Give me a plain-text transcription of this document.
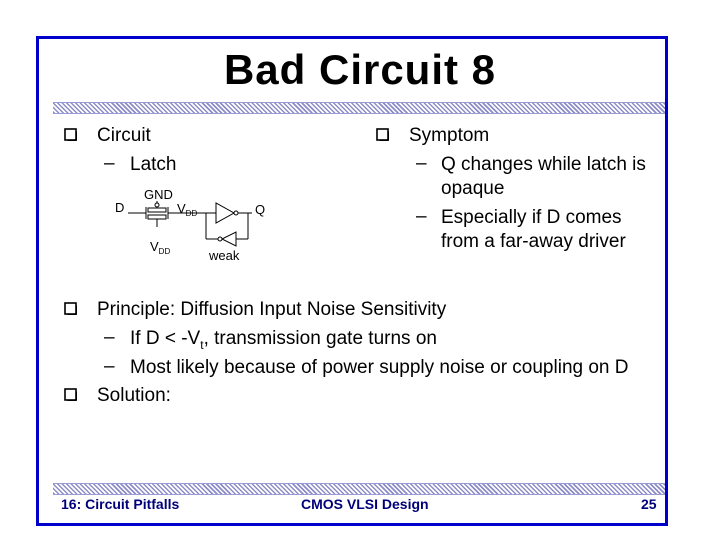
Bad Circuit 8
Circuit
– Latch
D
GND
$V_{DD}$
$V_{DD}$
Q
weak
Symptom
– Q changes while latch is
opaque
– Especially if D comes
from a far-away driver
Principle: Diffusion Input Noise Sensitivity
– If $D < -V_t$, transmission gate turns on
– Most likely because of power supply noise or coupling on D
Solution:
16: Circuit Pitfalls	CMOS VLSI Design	25
